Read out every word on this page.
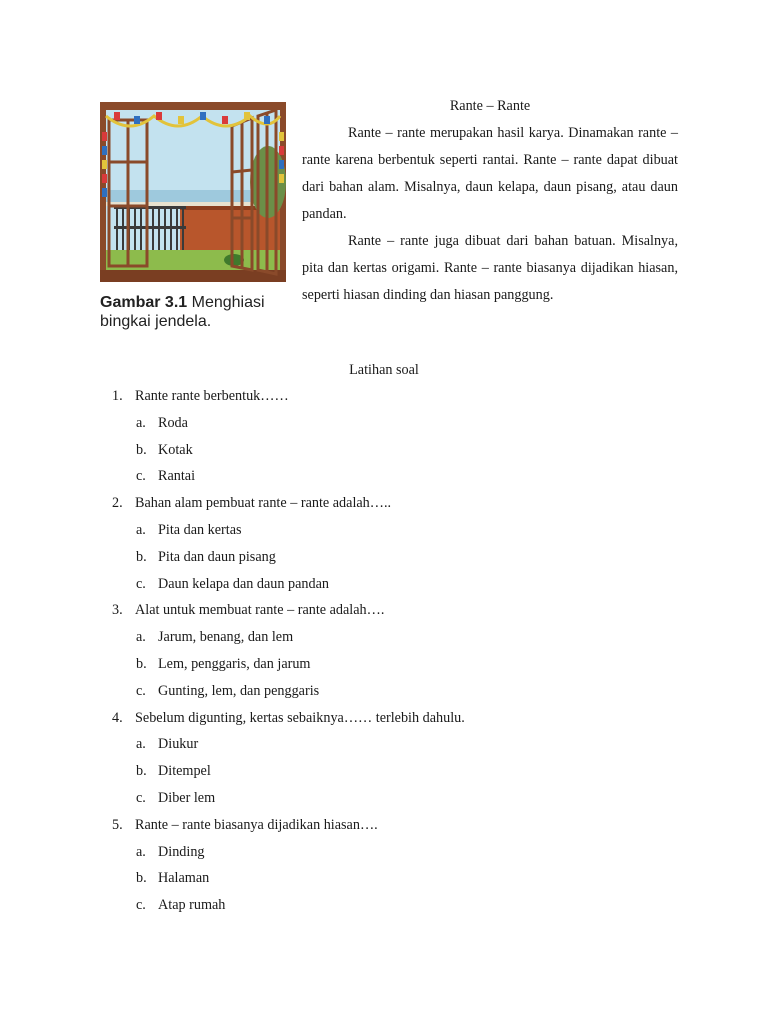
Gambar 3.1 Menghiasi bingkai jendela.
Rante – Rante

Rante – rante merupakan hasil karya. Dinamakan rante – rante karena berbentuk seperti rantai. Rante – rante dapat dibuat dari bahan alam. Misalnya, daun kelapa, daun pisang, atau daun pandan.

Rante – rante juga dibuat dari bahan batuan. Misalnya, pita dan kertas origami. Rante – rante biasanya dijadikan hiasan, seperti hiasan dinding dan hiasan panggung.

Latihan soal
1. Rante rante berbentuk……
a. Roda
b. Kotak
c. Rantai
2. Bahan alam pembuat rante – rante adalah…..
a. Pita dan kertas
b. Pita dan daun pisang
c. Daun kelapa dan daun pandan
3. Alat untuk membuat rante – rante adalah….
a. Jarum, benang, dan lem
b. Lem, penggaris, dan jarum
c. Gunting, lem, dan penggaris
4. Sebelum digunting, kertas sebaiknya…… terlebih dahulu.
a. Diukur
b. Ditempel
c. Diber lem
5. Rante – rante biasanya dijadikan hiasan….
a. Dinding
b. Halaman
c. Atap rumah
